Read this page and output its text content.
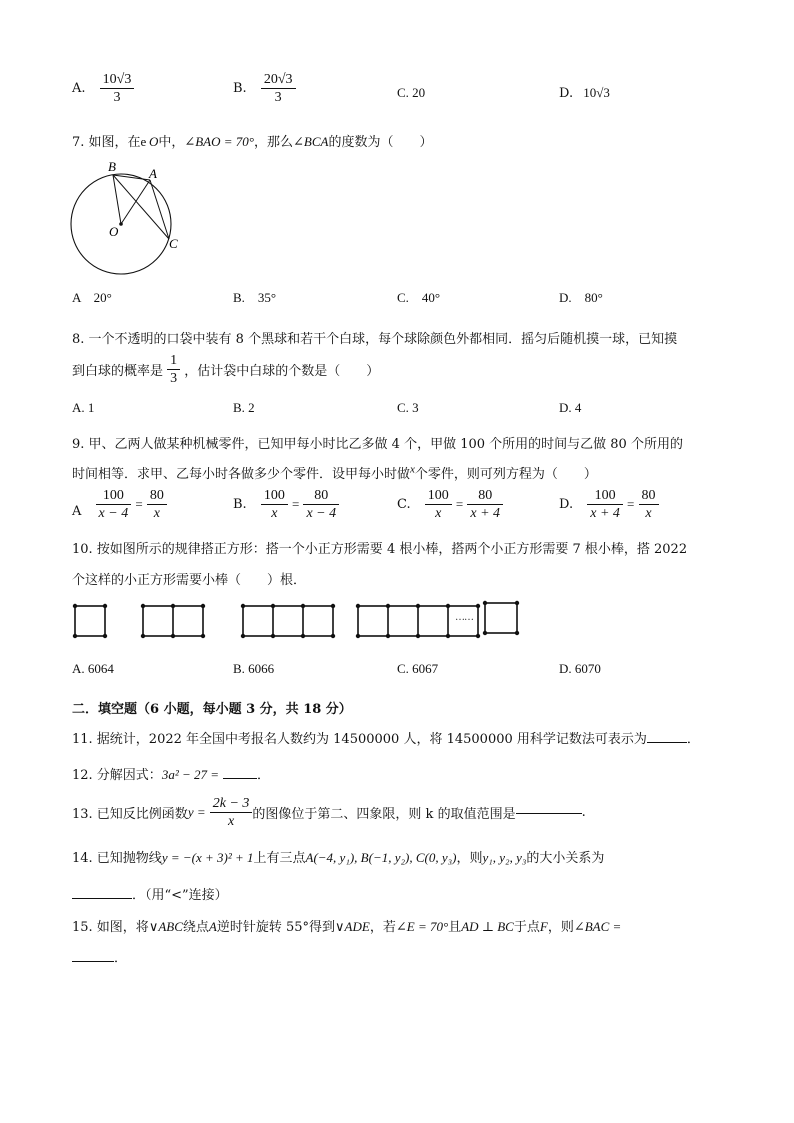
A. $\frac{10√3}{3}$	B. $\frac{20√3}{3}$	C. 20	D. 10√3
7. 如图，在e  O中，∠BAO = 70°，那么∠BCA的度数为（　　）
B	A
O
C
A　20°	B.　35°	C.　40°	D.　80°
8. 一个不透明的口袋中装有 8 个黑球和若干个白球，每个球除颜色外都相同．摇匀后随机摸一球，已知摸
到白球的概率是 $\frac{1}{3}$ ，估计袋中白球的个数是（　　）
A. 1	B. 2	C. 3	D. 4
9. 甲、乙两人做某种机械零件，已知甲每小时比乙多做 4 个，甲做 100 个所用的时间与乙做 80 个所用的
时间相等．求甲、乙每小时各做多少个零件．设甲每小时做$^x$个零件，则可列方程为（　　）
A $\frac{100}{x - 4} = \frac{80}{x}$	B. $\frac{100}{x} = \frac{80}{x - 4}$	C. $\frac{100}{x} = \frac{80}{x + 4}$	D. $\frac{100}{x + 4} = \frac{80}{x}$
10. 按如图所示的规律搭正方形：搭一个小正方形需要 4 根小棒，搭两个小正方形需要 7 根小棒，搭 2022
个这样的小正方形需要小棒（　　）根．
……
A. 6064	B. 6066	C. 6067	D. 6070
二．填空题（6 小题，每小题 3 分，共 18 分）
11. 据统计，2022 年全国中考报名人数约为 14500000 人，将 14500000 用科学记数法可表示为	．
12. 分解因式：3a² − 27 =	．
13. 已知反比例函数$y = \frac{2k - 3}{x}$ 的图像位于第二、四象限，则 k 的取值范围是	.
14. 已知抛物线y = −(x + 3)² + 1上有三点A(−4, y₁), B(−1, y₂), C(0, y₃)，则y₁, y₂, y₃的大小关系为
．（用“<”连接）
15. 如图，将∨ABC绕点A逆时针旋转 55°得到∨ADE，若∠E = 70°且AD ⊥ BC于点F，则∠BAC =
．
